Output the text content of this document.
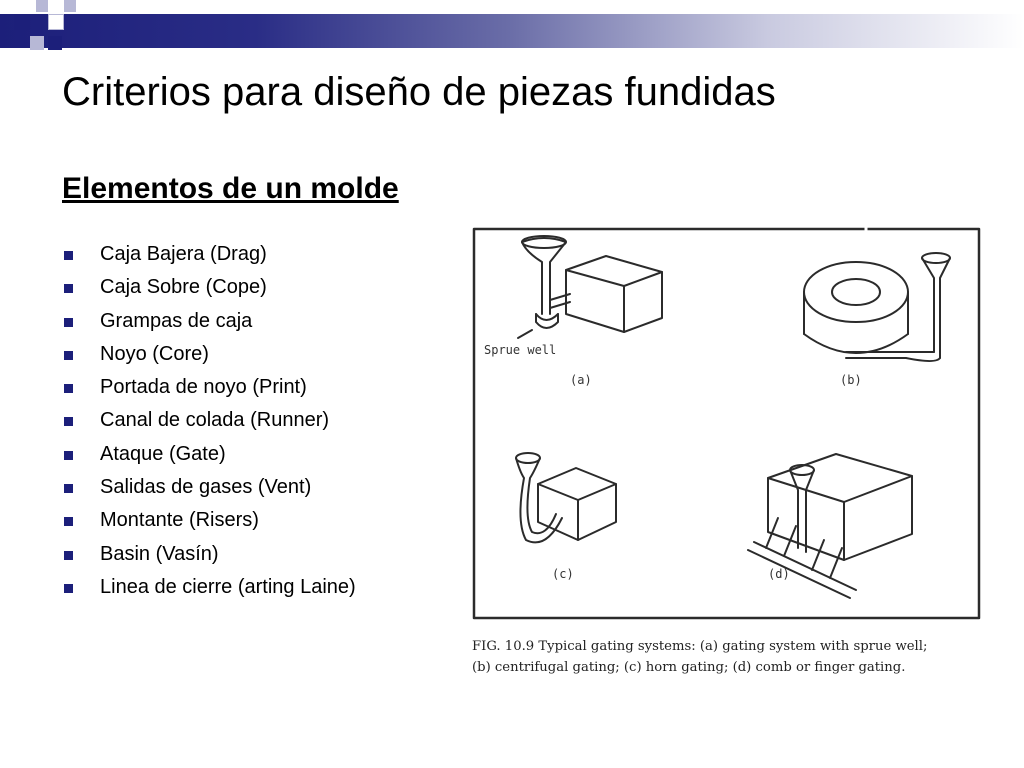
Criterios para diseño de piezas fundidas
Elementos de un molde
Caja Bajera (Drag)
Caja Sobre (Cope)
Grampas de caja
Noyo (Core)
Portada de noyo (Print)
Canal de colada (Runner)
Ataque (Gate)
Salidas de gases (Vent)
Montante (Risers)
Basin (Vasín)
Linea de cierre (arting Laine)
Sprue well
(a)	(b)
(c)	(d)
FIG. 10.9 Typical gating systems: (a) gating system with sprue well;
(b) centrifugal gating; (c) horn gating; (d) comb or finger gating.
